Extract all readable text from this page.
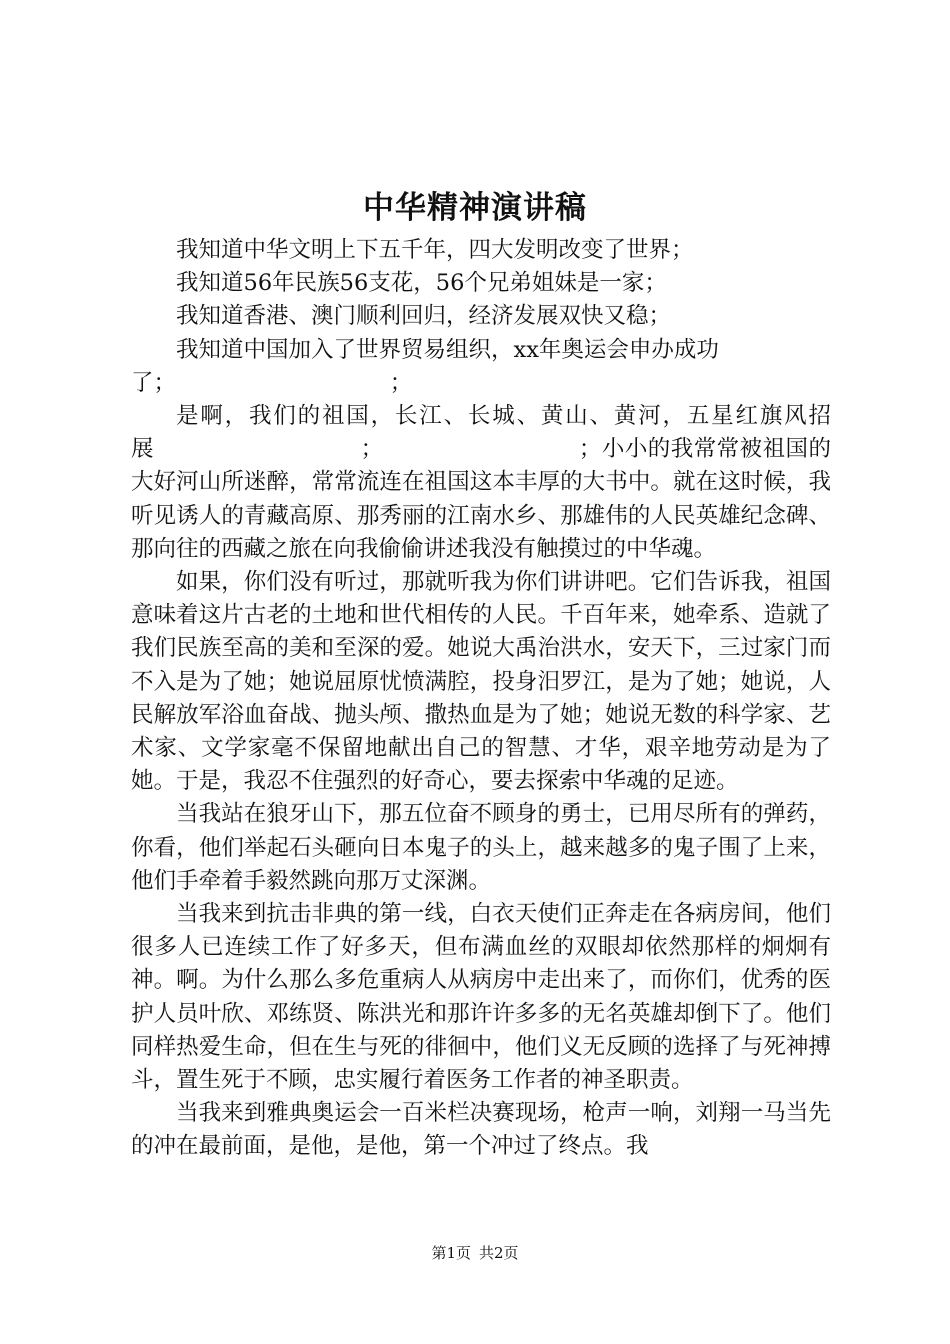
中华精神演讲稿

我知道中华文明上下五千年，四大发明改变了世界；

我知道56年民族56支花，56个兄弟姐妹是一家；

我知道香港、澳门顺利回归，经济发展双快又稳；

我知道中国加入了世界贸易组织，xx年奥运会申办成功了；　　　　　　　　　　；

是啊，我们的祖国，长江、长城、黄山、黄河，五星红旗风招展　　　　　　　　　；　　　　　　　　　；小小的我常常被祖国的大好河山所迷醉，常常流连在祖国这本丰厚的大书中。就在这时候，我听见诱人的青藏高原、那秀丽的江南水乡、那雄伟的人民英雄纪念碑、那向往的西藏之旅在向我偷偷讲述我没有触摸过的中华魂。

如果，你们没有听过，那就听我为你们讲讲吧。它们告诉我，祖国意味着这片古老的土地和世代相传的人民。千百年来，她牵系、造就了我们民族至高的美和至深的爱。她说大禹治洪水，安天下，三过家门而不入是为了她；她说屈原忧愤满腔，投身汨罗江，是为了她；她说，人民解放军浴血奋战、抛头颅、撒热血是为了她；她说无数的科学家、艺术家、文学家毫不保留地献出自己的智慧、才华，艰辛地劳动是为了她。于是，我忍不住强烈的好奇心，要去探索中华魂的足迹。

当我站在狼牙山下，那五位奋不顾身的勇士，已用尽所有的弹药，你看，他们举起石头砸向日本鬼子的头上，越来越多的鬼子围了上来，他们手牵着手毅然跳向那万丈深渊。

当我来到抗击非典的第一线，白衣天使们正奔走在各病房间，他们很多人已连续工作了好多天，但布满血丝的双眼却依然那样的炯炯有神。啊。为什么那么多危重病人从病房中走出来了，而你们，优秀的医护人员叶欣、邓练贤、陈洪光和那许许多多的无名英雄却倒下了。他们同样热爱生命，但在生与死的徘徊中，他们义无反顾的选择了与死神搏斗，置生死于不顾，忠实履行着医务工作者的神圣职责。

当我来到雅典奥运会一百米栏决赛现场，枪声一响，刘翔一马当先的冲在最前面，是他，是他，第一个冲过了终点。我

第1页 共2页
